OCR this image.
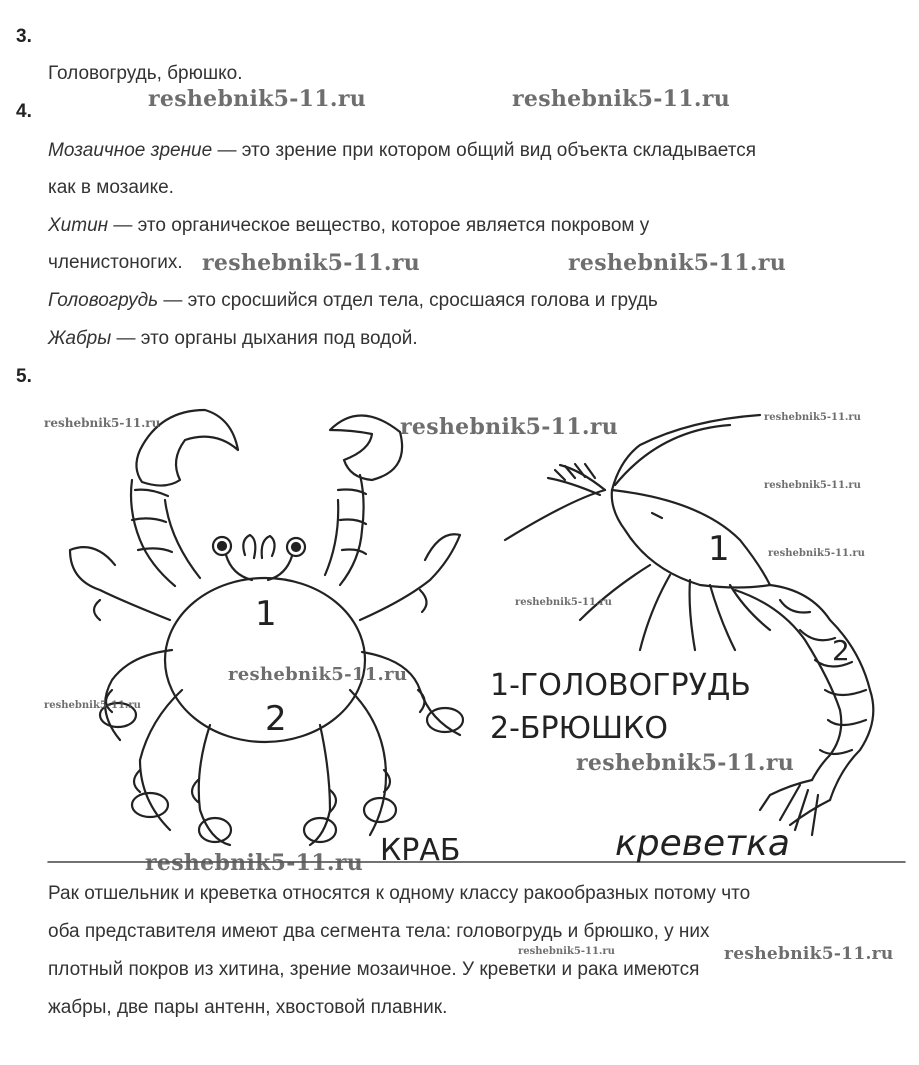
3.
Головогрудь, брюшко.
4.
Мозаичное зрение — это зрение при котором общий вид объекта складывается
как в мозаике.
Хитин — это органическое вещество, которое является покровом у
членистоногих.
Головогрудь — это сросшийся отдел тела, сросшаяся голова и грудь
Жабры — это органы дыхания под водой.
5.
1
2
1
2
1-ГОЛОВОГРУДЬ
2-БРЮШКО
КРАБ	креветка
Рак отшельник и креветка относятся к одному классу ракообразных потому что
оба представителя имеют два сегмента тела: головогрудь и брюшко, у них
плотный покров из хитина, зрение мозаичное. У креветки и рака имеются
жабры, две пары антенн, хвостовой плавник.
reshebnik5-11.ru	reshebnik5-11.ru
reshebnik5-11.ru	reshebnik5-11.ru
reshebnik5-11.ru
reshebnik5-11.ru
reshebnik5-11.ru
reshebnik5-11.ru
reshebnik5-11.ru
reshebnik5-11.ru	reshebnik5-11.ru
reshebnik5-11.ru
reshebnik5-11.ru
reshebnik5-11.ru
reshebnik5-11.ru
reshebnik5-11.ru
